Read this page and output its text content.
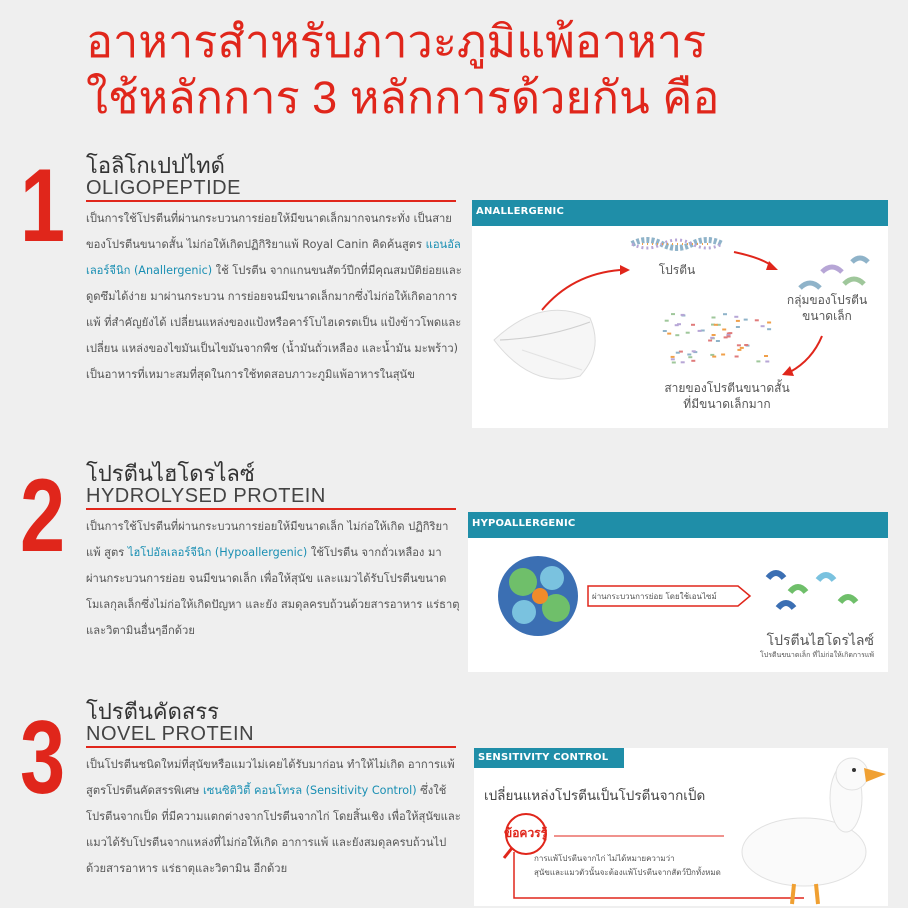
อาหารสำหรับภาวะภูมิแพ้อาหาร
ใช้หลักการ 3 หลักการด้วยกัน คือ
1 โอลิโกเปปไทด์
OLIGOPEPTIDE
เป็นการใช้โปรตีนที่ผ่านกระบวนการย่อยให้มีขนาดเล็กมากจนกระทั่ง เป็นสายของโปรตีนขนาดสั้น ไม่ก่อให้เกิดปฏิกิริยาแพ้ Royal Canin คิดค้นสูตร แอนอัลเลอร์จีนิก (Anallergenic) ใช้ โปรตีน จากแกนขนสัตว์ปีกที่มีคุณสมบัติย่อยและดูดซึมได้ง่าย มาผ่านกระบวน การย่อยจนมีขนาดเล็กมากซึ่งไม่ก่อให้เกิดอาการแพ้ ที่สำคัญยังได้ เปลี่ยนแหล่งของแป้งหรือคาร์โบไฮเดรตเป็น แป้งข้าวโพดและเปลี่ยน แหล่งของไขมันเป็นไขมันจากพืช (น้ำมันถั่วเหลือง และน้ำมัน มะพร้าว) เป็นอาหารที่เหมาะสมที่สุดในการใช้ทดสอบภาวะภูมิแพ้อาหารในสุนัข
ANALLERGENIC
โปรตีน
กลุ่มของโปรตีน
ขนาดเล็ก
สายของโปรตีนขนาดสั้น
ที่มีขนาดเล็กมาก
2 โปรตีนไฮโดรไลซ์
HYDROLYSED PROTEIN
เป็นการใช้โปรตีนที่ผ่านกระบวนการย่อยให้มีขนาดเล็ก ไม่ก่อให้เกิด ปฏิกิริยาแพ้ สูตร ไฮโปอัลเลอร์จีนิก (Hypoallergenic) ใช้โปรตีน จากถั่วเหลือง มาผ่านกระบวนการย่อย จนมีขนาดเล็ก เพื่อให้สุนัข และแมวได้รับโปรตีนขนาดโมเลกุลเล็กซึ่งไม่ก่อให้เกิดปัญหา และยัง สมดุลครบถ้วนด้วยสารอาหาร แร่ธาตุ และวิตามินอื่นๆอีกด้วย
HYPOALLERGENIC
ผ่านกระบวนการย่อย โดยใช้เอนไซม์
โปรตีนไฮโดรไลซ์
โปรตีนขนาดเล็ก ที่ไม่ก่อให้เกิดการแพ้
3 โปรตีนคัดสรร
NOVEL PROTEIN
เป็นโปรตีนชนิดใหม่ที่สุนัขหรือแมวไม่เคยได้รับมาก่อน ทำให้ไม่เกิด อาการแพ้ สูตรโปรตีนคัดสรรพิเศษ เซนซิติวิตี้ คอนโทรล (Sensitivity Control) ซึ่งใช้โปรตีนจากเป็ด ที่มีความแตกต่างจากโปรตีนจากไก่ โดยสิ้นเชิง เพื่อให้สุนัขและแมวได้รับโปรตีนจากแหล่งที่ไม่ก่อให้เกิด อาการแพ้ และยังสมดุลครบถ้วนไปด้วยสารอาหาร แร่ธาตุและวิตามิน อีกด้วย
SENSITIVITY CONTROL
เปลี่ยนแหล่งโปรตีนเป็นโปรตีนจากเป็ด
ข้อควรรู้
การแพ้โปรตีนจากไก่ ไม่ได้หมายความว่า
สุนัขและแมวตัวนั้นจะต้องแพ้โปรตีนจากสัตว์ปีกทั้งหมด
